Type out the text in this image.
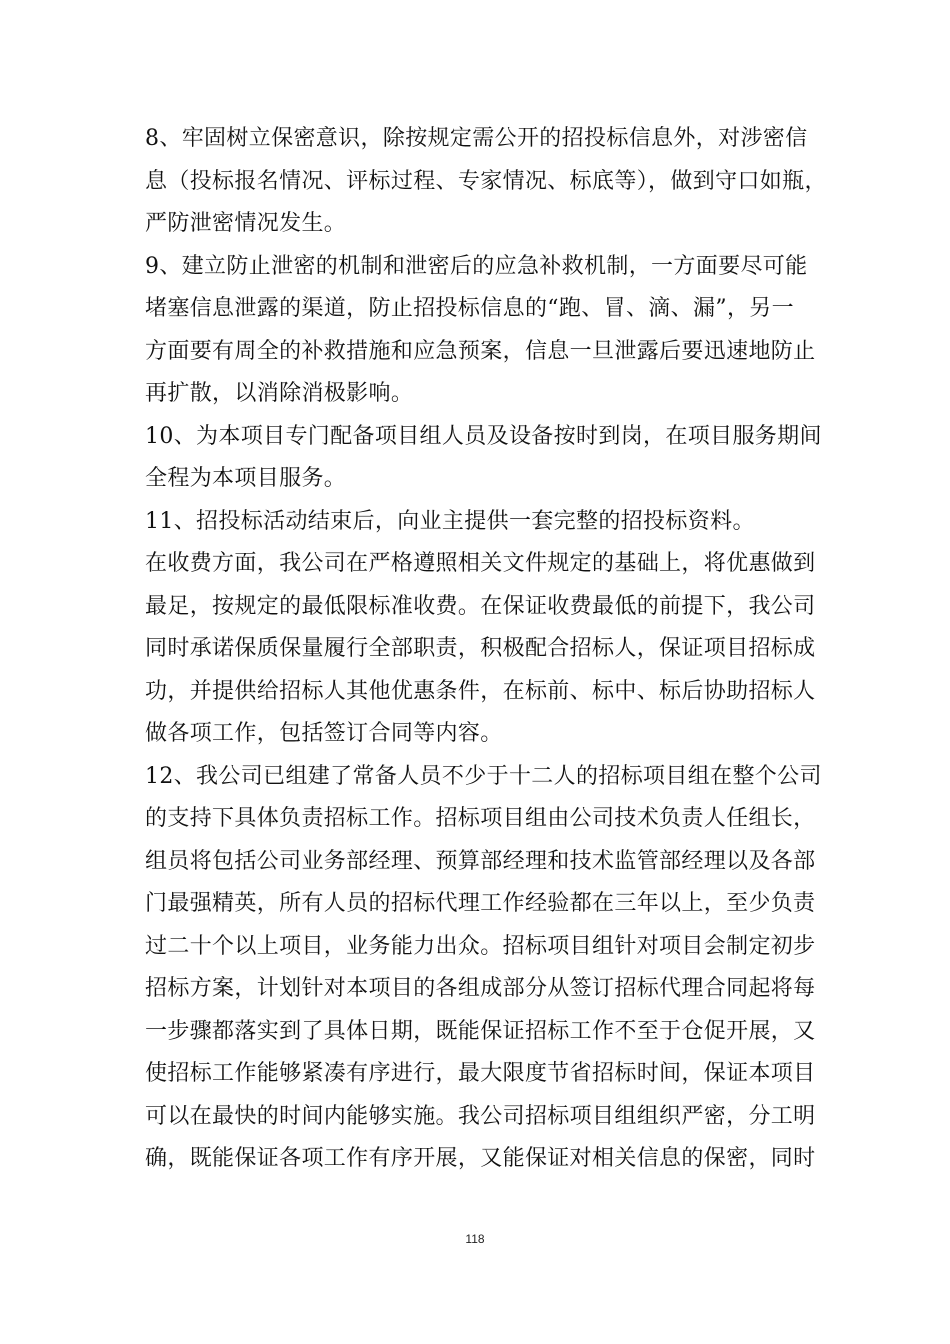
8、牢固树立保密意识，除按规定需公开的招投标信息外，对涉密信
息（投标报名情况、评标过程、专家情况、标底等），做到守口如瓶，
严防泄密情况发生。
9、建立防止泄密的机制和泄密后的应急补救机制，一方面要尽可能
堵塞信息泄露的渠道，防止招投标信息的“跑、冒、滴、漏”，另一
方面要有周全的补救措施和应急预案，信息一旦泄露后要迅速地防止
再扩散，以消除消极影响。
10、为本项目专门配备项目组人员及设备按时到岗，在项目服务期间
全程为本项目服务。
11、招投标活动结束后，向业主提供一套完整的招投标资料。
在收费方面，我公司在严格遵照相关文件规定的基础上，将优惠做到
最足，按规定的最低限标准收费。在保证收费最低的前提下，我公司
同时承诺保质保量履行全部职责，积极配合招标人，保证项目招标成
功，并提供给招标人其他优惠条件，在标前、标中、标后协助招标人
做各项工作，包括签订合同等内容。
12、我公司已组建了常备人员不少于十二人的招标项目组在整个公司
的支持下具体负责招标工作。招标项目组由公司技术负责人任组长，
组员将包括公司业务部经理、预算部经理和技术监管部经理以及各部
门最强精英，所有人员的招标代理工作经验都在三年以上，至少负责
过二十个以上项目，业务能力出众。招标项目组针对项目会制定初步
招标方案，计划针对本项目的各组成部分从签订招标代理合同起将每
一步骤都落实到了具体日期，既能保证招标工作不至于仓促开展，又
使招标工作能够紧凑有序进行，最大限度节省招标时间，保证本项目
可以在最快的时间内能够实施。我公司招标项目组组织严密，分工明
确，既能保证各项工作有序开展，又能保证对相关信息的保密，同时
118
